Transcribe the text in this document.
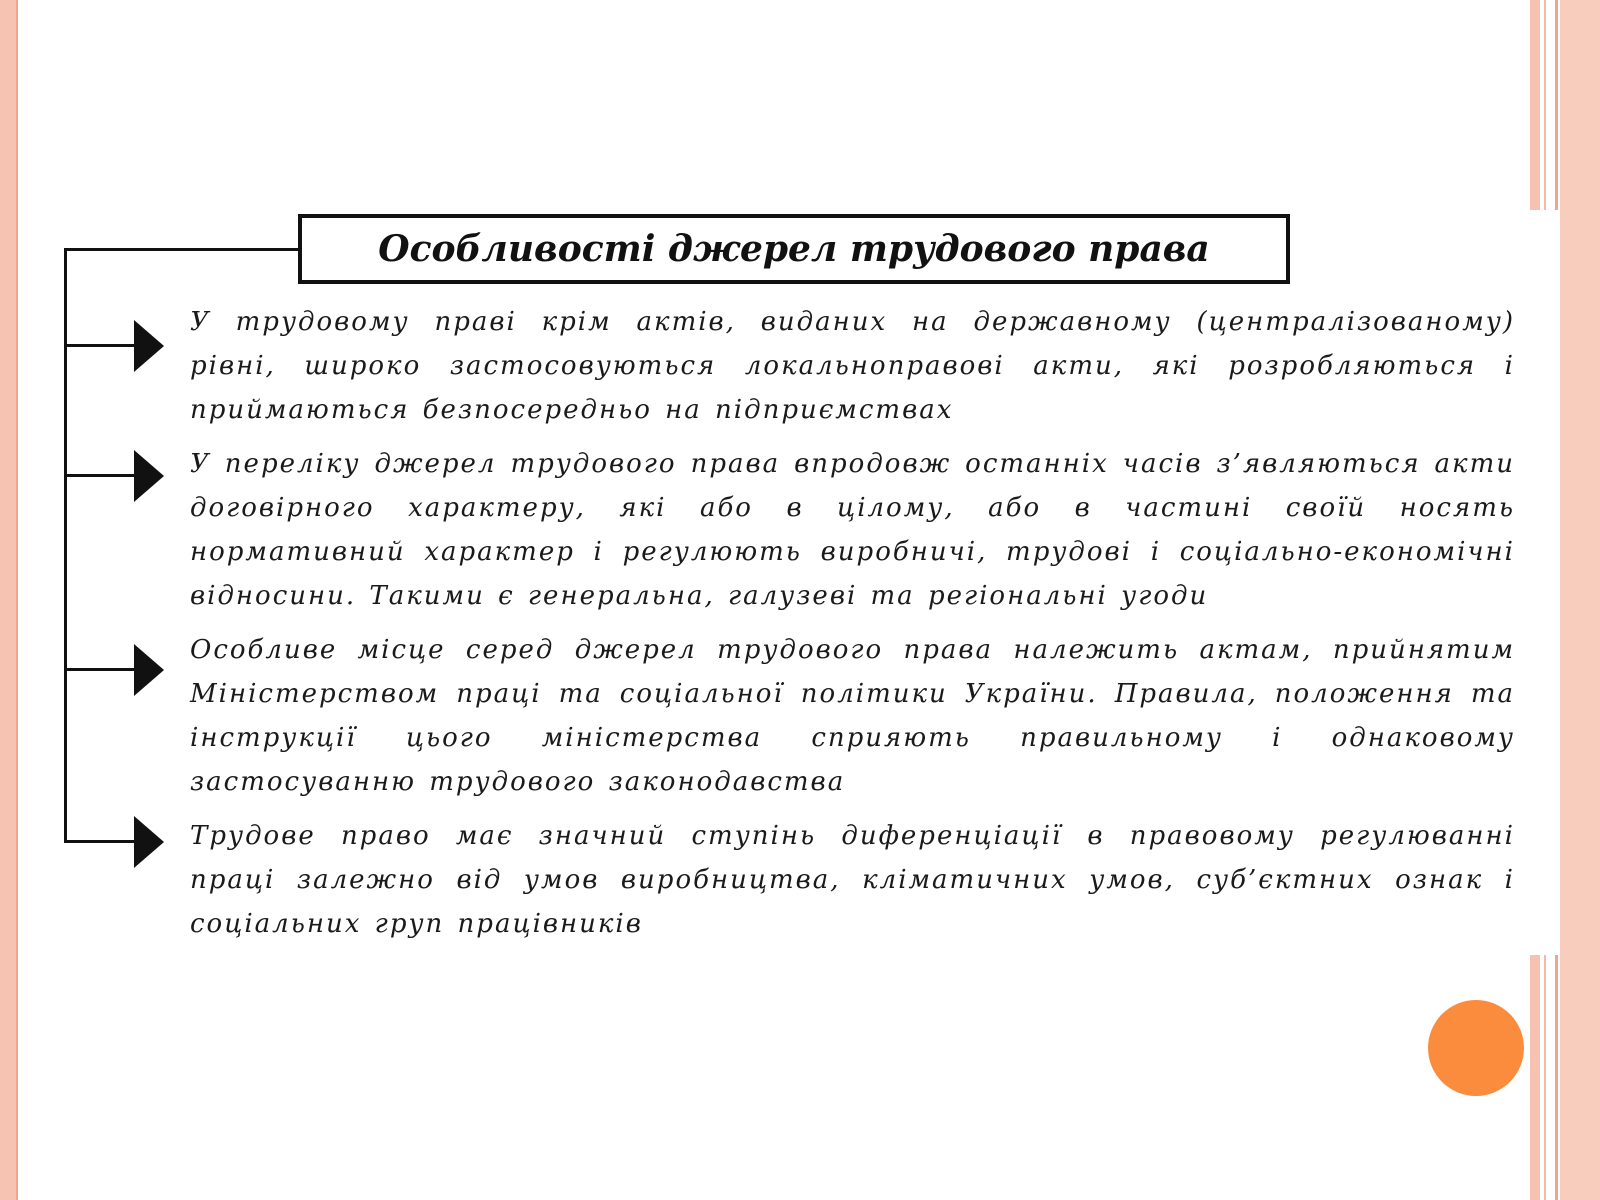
Особливості джерел трудового права
У трудовому праві крім актів, виданих на державному (централізованому) рівні, широко застосовуються локальноправові акти, які розробляються і приймаються безпосередньо на підприємствах
У переліку джерел трудового права впродовж останніх часів з’являються акти договірного характеру, які або в цілому, або в частині своїй носять нормативний характер і регулюють виробничі, трудові і соціально-економічні відносини. Такими є генеральна, галузеві та регіональні угоди
Особливе місце серед джерел трудового права належить актам, прийнятим Міністерством праці та соціальної політики України. Правила, положення та інструкції цього міністерства сприяють правильному і однаковому застосуванню трудового законодавства
Трудове право має значний ступінь диференціації в правовому регулюванні праці залежно від умов виробництва, кліматичних умов, суб’єктних ознак і соціальних груп працівників
